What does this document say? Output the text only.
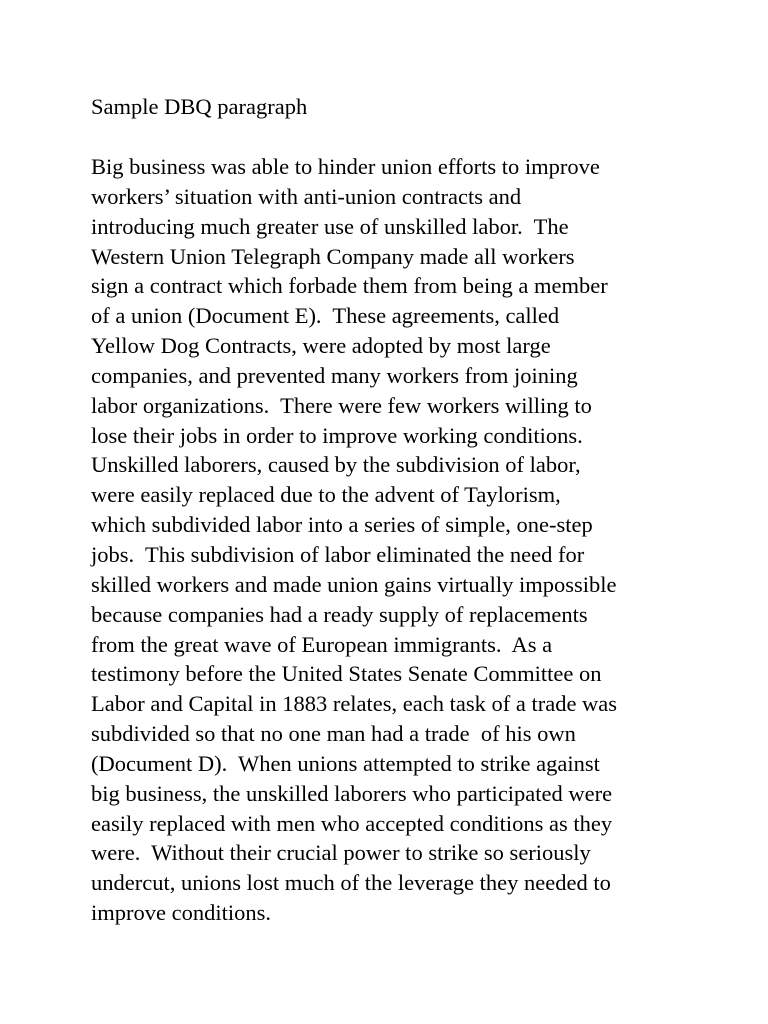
Sample DBQ paragraph

Big business was able to hinder union efforts to improve
workers’ situation with anti-union contracts and
introducing much greater use of unskilled labor.  The
Western Union Telegraph Company made all workers
sign a contract which forbade them from being a member
of a union (Document E).  These agreements, called
Yellow Dog Contracts, were adopted by most large
companies, and prevented many workers from joining
labor organizations.  There were few workers willing to
lose their jobs in order to improve working conditions.
Unskilled laborers, caused by the subdivision of labor,
were easily replaced due to the advent of Taylorism,
which subdivided labor into a series of simple, one-step
jobs.  This subdivision of labor eliminated the need for
skilled workers and made union gains virtually impossible
because companies had a ready supply of replacements
from the great wave of European immigrants.  As a
testimony before the United States Senate Committee on
Labor and Capital in 1883 relates, each task of a trade was
subdivided so that no one man had a trade  of his own
(Document D).  When unions attempted to strike against
big business, the unskilled laborers who participated were
easily replaced with men who accepted conditions as they
were.  Without their crucial power to strike so seriously
undercut, unions lost much of the leverage they needed to
improve conditions.
